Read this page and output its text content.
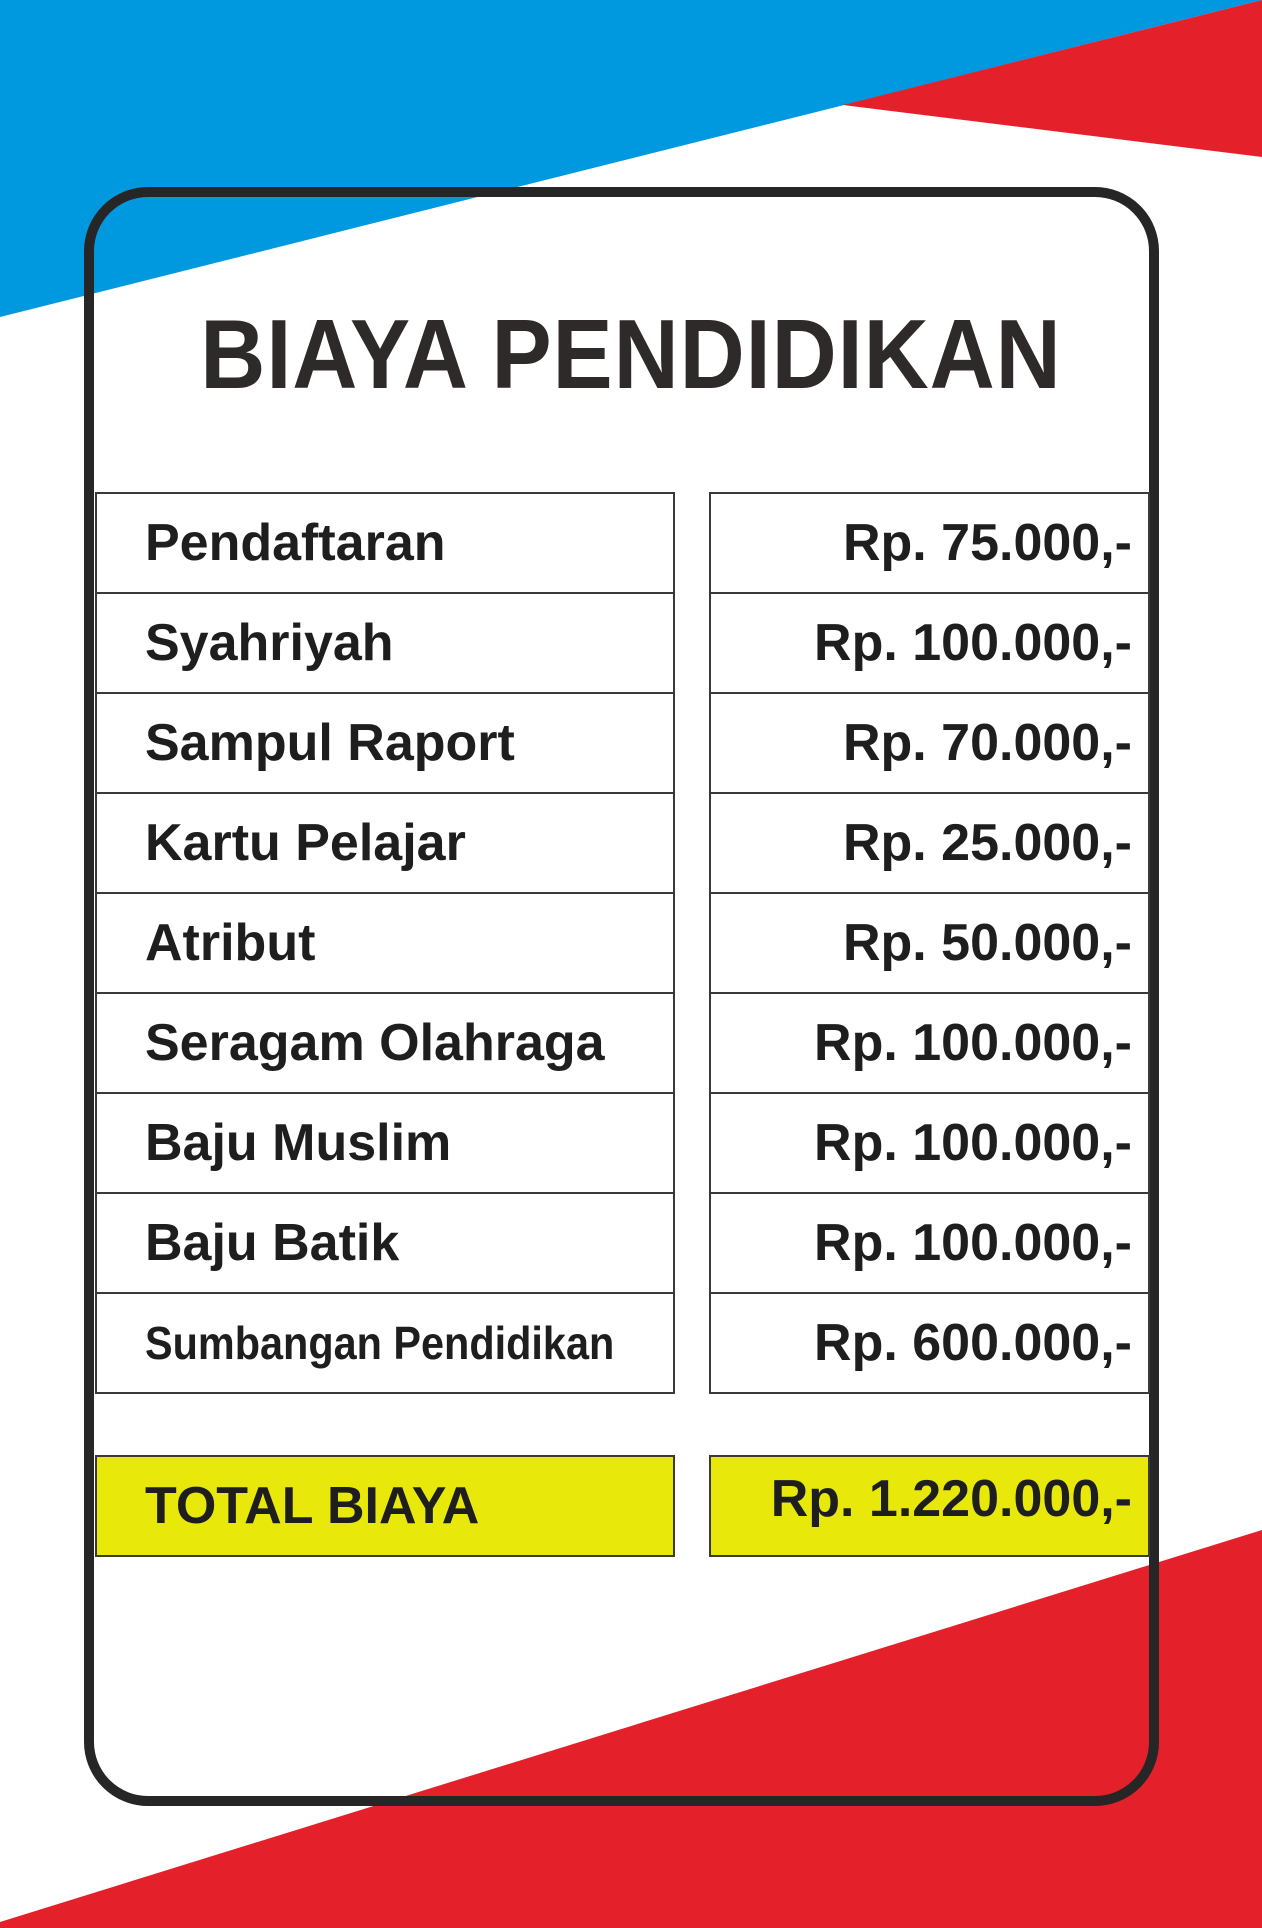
BIAYA PENDIDIKAN
Pendaftaran	Rp. 75.000,-
Syahriyah	Rp. 100.000,-
Sampul Raport	Rp. 70.000,-
Kartu Pelajar	Rp. 25.000,-
Atribut	Rp. 50.000,-
Seragam Olahraga	Rp. 100.000,-
Baju Muslim	Rp. 100.000,-
Baju Batik	Rp. 100.000,-
Sumbangan Pendidikan	Rp. 600.000,-
TOTAL BIAYA	Rp. 1.220.000,-
